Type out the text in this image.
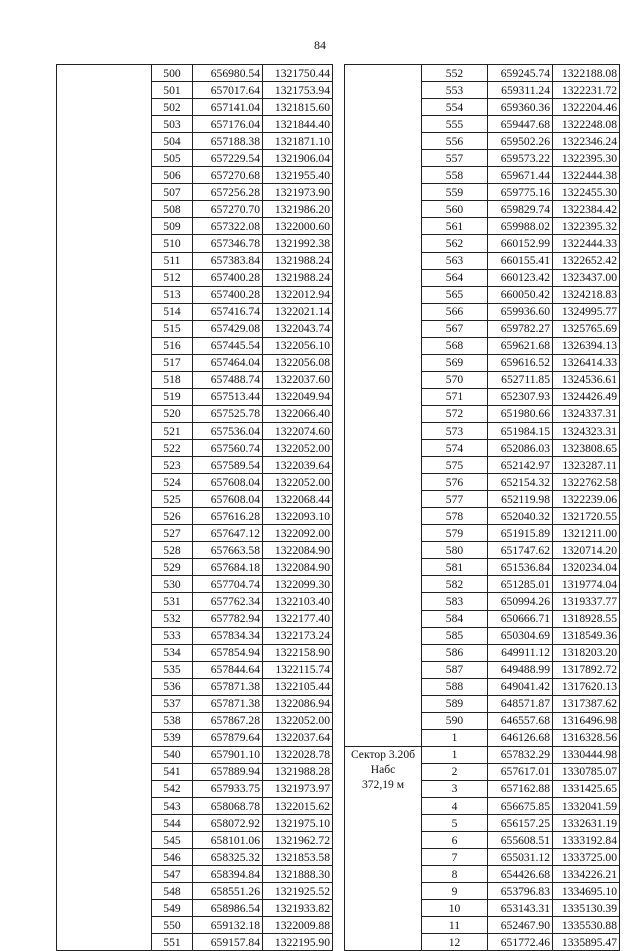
84
	500	656980.54	1321750.44
	501	657017.64	1321753.94
	502	657141.04	1321815.60
	503	657176.04	1321844.40
	504	657188.38	1321871.10
	505	657229.54	1321906.04
	506	657270.68	1321955.40
	507	657256.28	1321973.90
	508	657270.70	1321986.20
	509	657322.08	1322000.60
	510	657346.78	1321992.38
	511	657383.84	1321988.24
	512	657400.28	1321988.24
	513	657400.28	1322012.94
	514	657416.74	1322021.14
	515	657429.08	1322043.74
	516	657445.54	1322056.10
	517	657464.04	1322056.08
	518	657488.74	1322037.60
	519	657513.44	1322049.94
	520	657525.78	1322066.40
	521	657536.04	1322074.60
	522	657560.74	1322052.00
	523	657589.54	1322039.64
	524	657608.04	1322052.00
	525	657608.04	1322068.44
	526	657616.28	1322093.10
	527	657647.12	1322092.00
	528	657663.58	1322084.90
	529	657684.18	1322084.90
	530	657704.74	1322099.30
	531	657762.34	1322103.40
	532	657782.94	1322177.40
	533	657834.34	1322173.24
	534	657854.94	1322158.90
	535	657844.64	1322115.74
	536	657871.38	1322105.44
	537	657871.38	1322086.94
	538	657867.28	1322052.00
	539	657879.64	1322037.64
	540	657901.10	1322028.78
	541	657889.94	1321988.28
	542	657933.75	1321973.97
	543	658068.78	1322015.62
	544	658072.92	1321975.10
	545	658101.06	1321962.72
	546	658325.32	1321853.58
	547	658394.84	1321888.30
	548	658551.26	1321925.52
	549	658986.54	1321933.82
	550	659132.18	1322009.88
	551	659157.84	1322195.90
	552	659245.74	1322188.08
	553	659311.24	1322231.72
	554	659360.36	1322204.46
	555	659447.68	1322248.08
	556	659502.26	1322346.24
	557	659573.22	1322395.30
	558	659671.44	1322444.38
	559	659775.16	1322455.30
	560	659829.74	1322384.42
	561	659988.02	1322395.32
	562	660152.99	1322444.33
	563	660155.41	1322652.42
	564	660123.42	1323437.00
	565	660050.42	1324218.83
	566	659936.60	1324995.77
	567	659782.27	1325765.69
	568	659621.68	1326394.13
	569	659616.52	1326414.33
	570	652711.85	1324536.61
	571	652307.93	1324426.49
	572	651980.66	1324337.31
	573	651984.15	1324323.31
	574	652086.03	1323808.65
	575	652142.97	1323287.11
	576	652154.32	1322762.58
	577	652119.98	1322239.06
	578	652040.32	1321720.55
	579	651915.89	1321211.00
	580	651747.62	1320714.20
	581	651536.84	1320234.04
	582	651285.01	1319774.04
	583	650994.26	1319337.77
	584	650666.71	1318928.55
	585	650304.69	1318549.36
	586	649911.12	1318203.20
	587	649488.99	1317892.72
	588	649041.42	1317620.13
	589	648571.87	1317387.62
	590	646557.68	1316496.98
	1	646126.68	1316328.56

Сектор 3.20б
Набс
372,19 м	1	657832.29	1330444.98
	2	657617.01	1330785.07
	3	657162.88	1331425.65
	4	656675.85	1332041.59
	5	656157.25	1332631.19
	6	655608.51	1333192.84
	7	655031.12	1333725.00
	8	654426.68	1334226.21
	9	653796.83	1334695.10
	10	653143.31	1335130.39
	11	652467.90	1335530.88
	12	651772.46	1335895.47
